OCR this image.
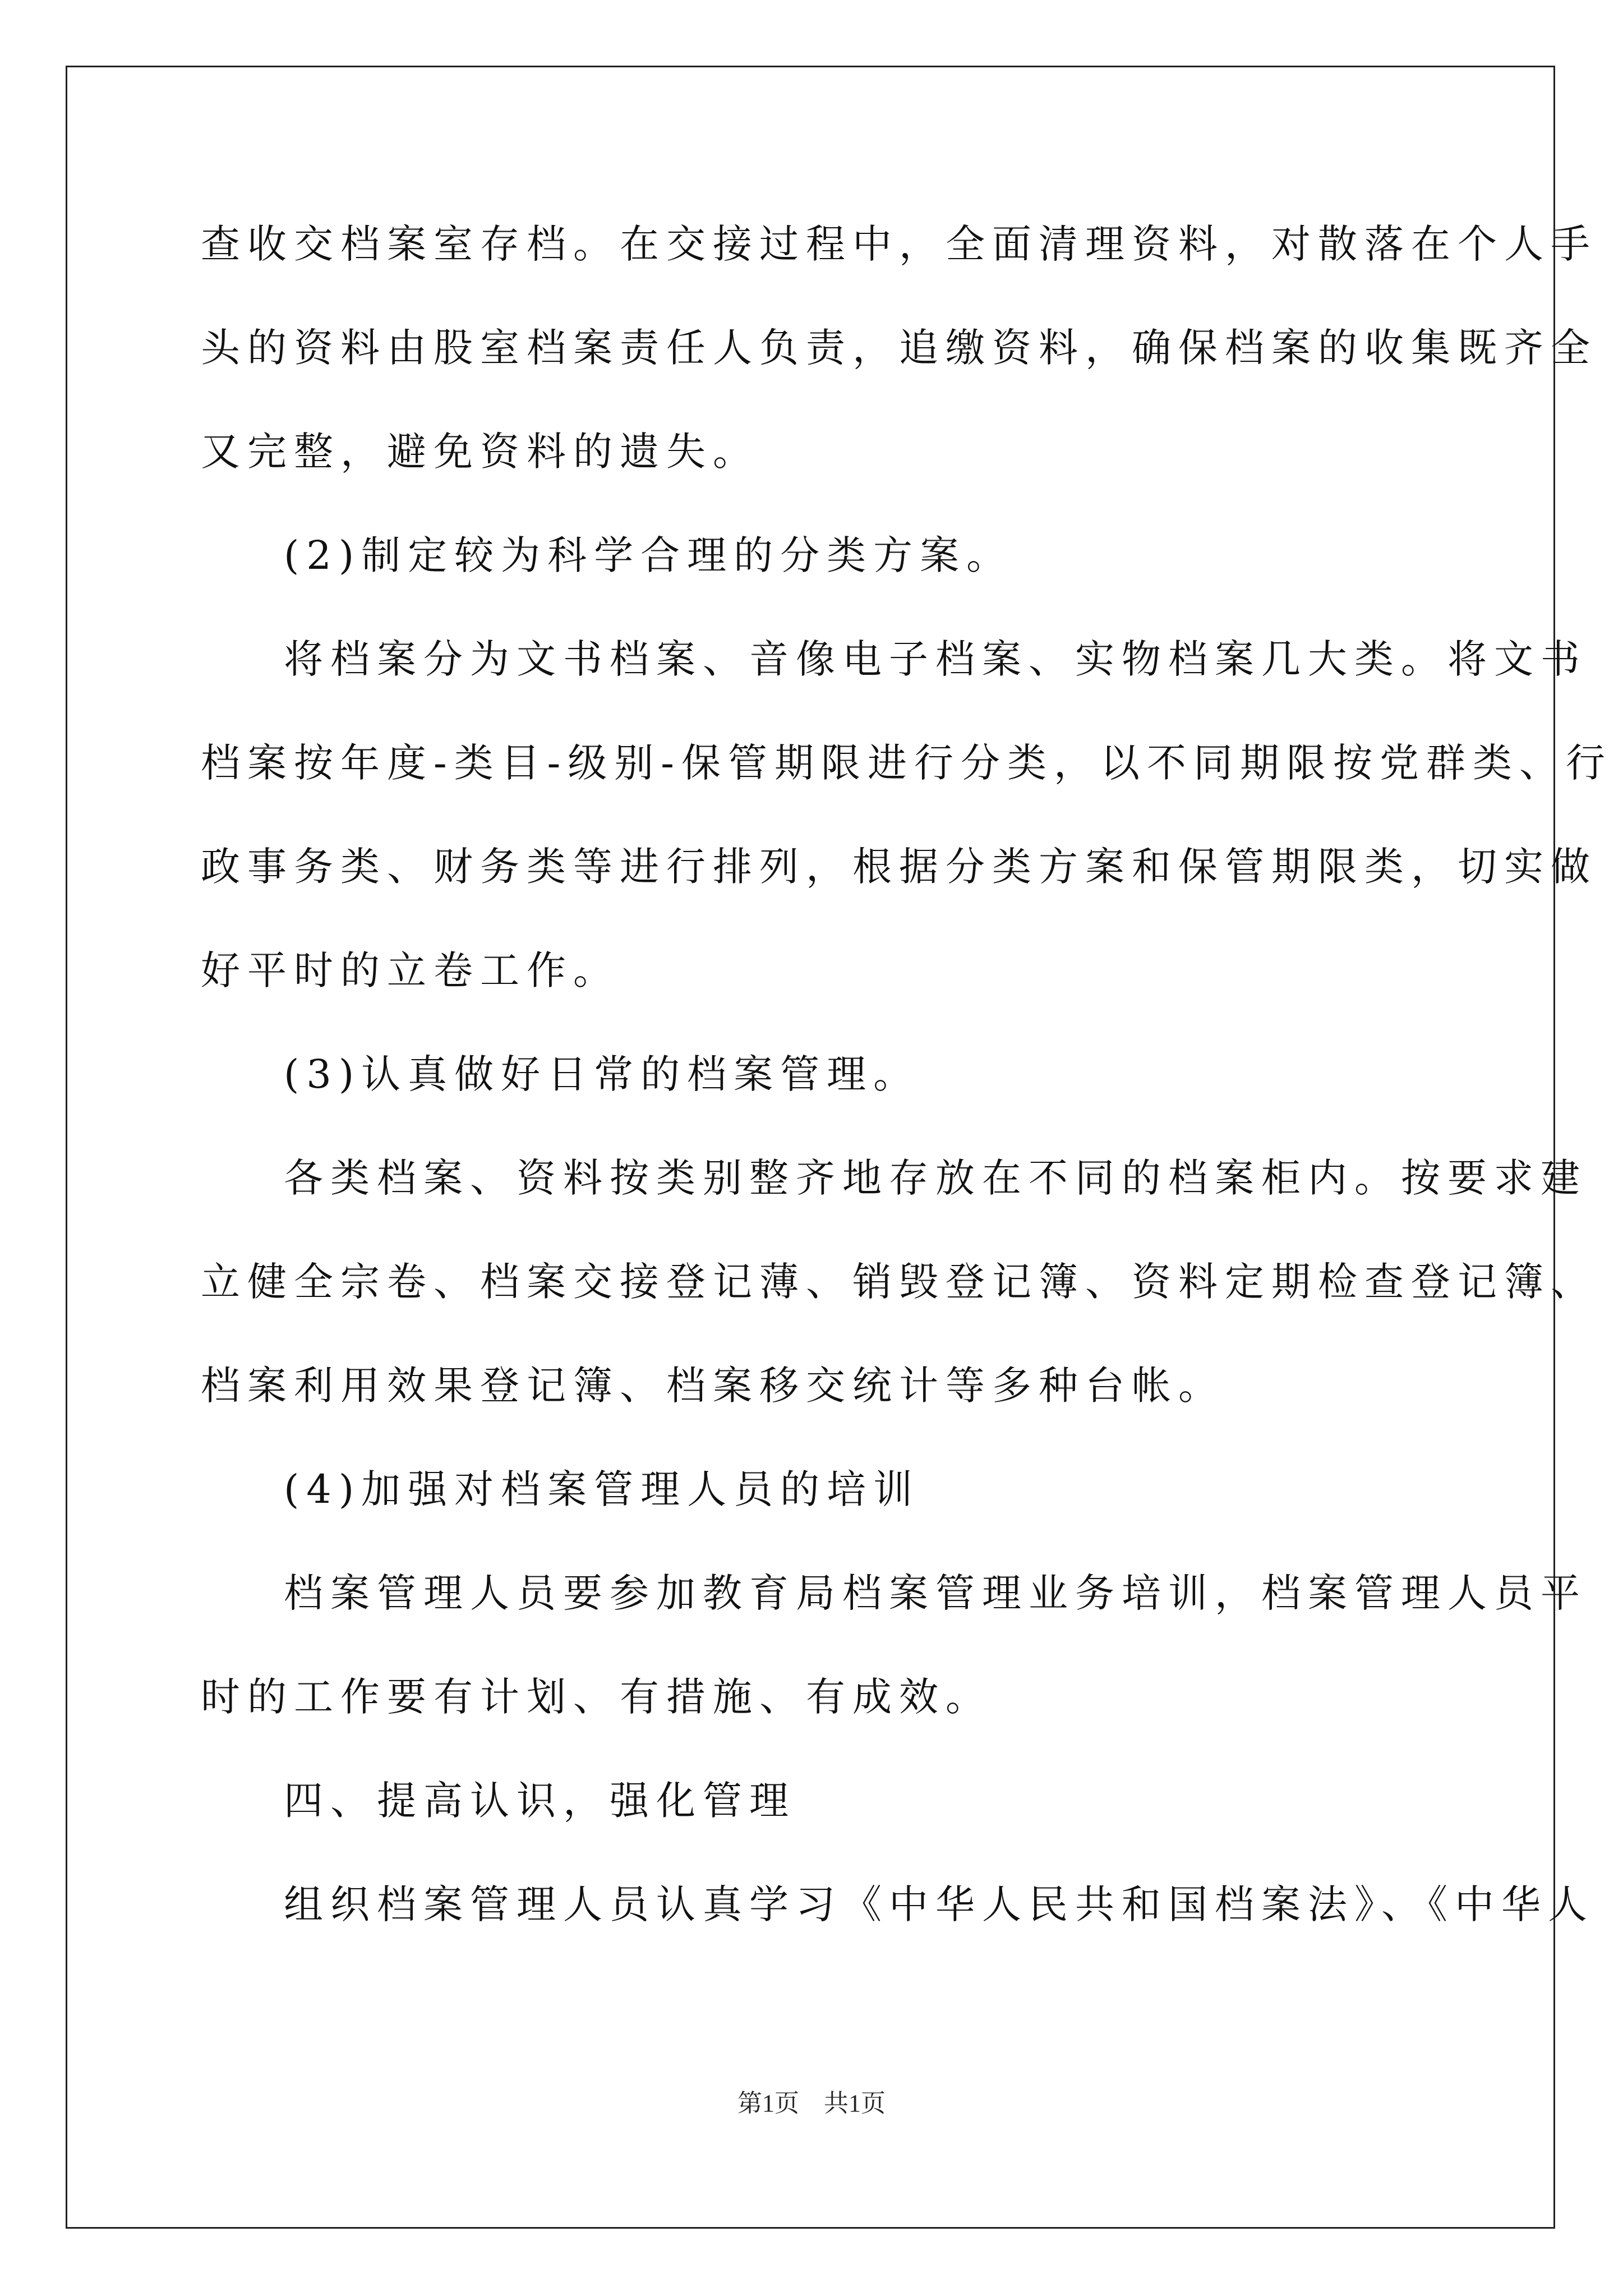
查收交档案室存档。在交接过程中，全面清理资料，对散落在个人手
头的资料由股室档案责任人负责，追缴资料，确保档案的收集既齐全
又完整，避免资料的遗失。
(2)制定较为科学合理的分类方案。
将档案分为文书档案、音像电子档案、实物档案几大类。将文书
档案按年度-类目-级别-保管期限进行分类，以不同期限按党群类、行
政事务类、财务类等进行排列，根据分类方案和保管期限类，切实做
好平时的立卷工作。
(3)认真做好日常的档案管理。
各类档案、资料按类别整齐地存放在不同的档案柜内。按要求建
立健全宗卷、档案交接登记薄、销毁登记簿、资料定期检查登记簿、
档案利用效果登记簿、档案移交统计等多种台帐。
(4)加强对档案管理人员的培训
档案管理人员要参加教育局档案管理业务培训，档案管理人员平
时的工作要有计划、有措施、有成效。
四、提高认识，强化管理
组织档案管理人员认真学习《中华人民共和国档案法》、《中华人
第1页　共1页
